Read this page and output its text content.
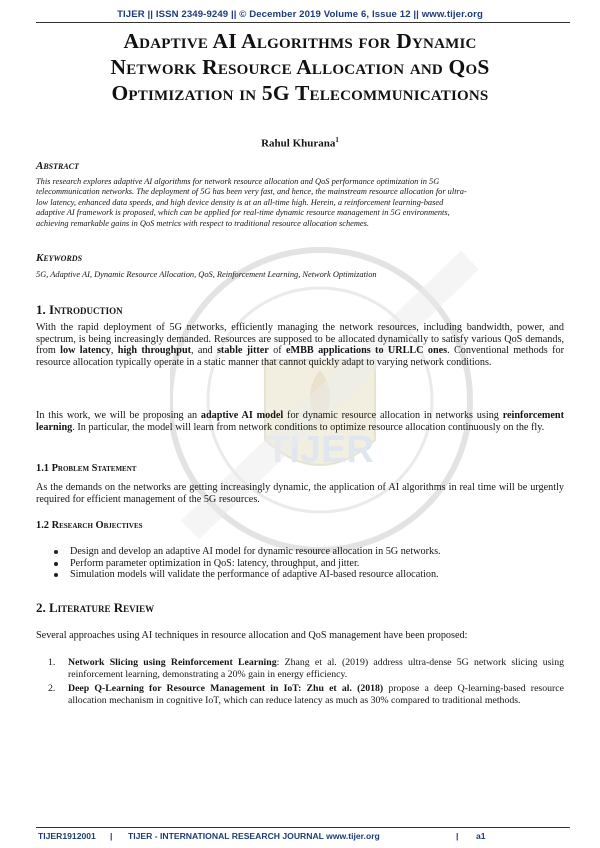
TIJER
TIJER || ISSN 2349-9249 || © December 2019 Volume 6, Issue 12 || www.tijer.org
Adaptive AI Algorithms for Dynamic
Network Resource Allocation and QoS
Optimization in 5G Telecommunications
Rahul Khurana$^1$
Abstract
This research explores adaptive AI algorithms for network resource allocation and QoS performance optimization in 5G
telecommunication networks. The deployment of 5G has been very fast, and hence, the mainstream resource allocation for ultra-
low latency, enhanced data speeds, and high device density is at an all-time high. Herein, a reinforcement learning-based
adaptive AI framework is proposed, which can be applied for real-time dynamic resource management in 5G environments,
achieving remarkable gains in QoS metrics with respect to traditional resource allocation schemes.
Keywords
5G, Adaptive AI, Dynamic Resource Allocation, QoS, Reinforcement Learning, Network Optimization
1. Introduction
With the rapid deployment of 5G networks, efficiently managing the network resources, including bandwidth, power, and spectrum, is being increasingly demanded. Resources are supposed to be allocated dynamically to satisfy various QoS demands, from low latency, high throughput, and stable jitter of eMBB applications to URLLC ones. Conventional methods for resource allocation typically operate in a static manner that cannot quickly adapt to varying network conditions.
In this work, we will be proposing an adaptive AI model for dynamic resource allocation in networks using reinforcement learning. In particular, the model will learn from network conditions to optimize resource allocation continuously on the fly.
1.1 Problem Statement
As the demands on the networks are getting increasingly dynamic, the application of AI algorithms in real time will be urgently required for efficient management of the 5G resources.
1.2 Research Objectives
Design and develop an adaptive AI model for dynamic resource allocation in 5G networks.
Perform parameter optimization in QoS: latency, throughput, and jitter.
Simulation models will validate the performance of adaptive AI-based resource allocation.
2. Literature Review
Several approaches using AI techniques in resource allocation and QoS management have been proposed:
1. Network Slicing using Reinforcement Learning: Zhang et al. (2019) address ultra-dense 5G network slicing using reinforcement learning, demonstrating a 20% gain in energy efficiency.
2. Deep Q-Learning for Resource Management in IoT: Zhu et al. (2018) propose a deep Q-learning-based resource allocation mechanism in cognitive IoT, which can reduce latency as much as 30% compared to traditional methods.
TIJER1912001 | TIJER - INTERNATIONAL RESEARCH JOURNAL www.tijer.org	| a1
